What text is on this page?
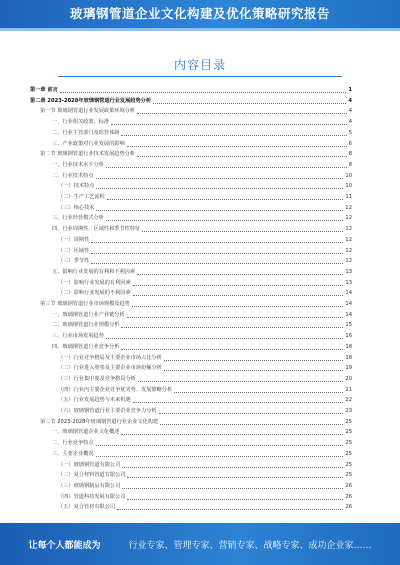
玻璃钢管道企业文化构建及优化策略研究报告
内容目录
第一章 前言	1
第二章 2023-2028年玻璃钢管道行业发展趋势分析	4
第一节 玻璃钢管道行业发展政策环境分析	4
一、行业相关政策、标准	4
二、行业主管部门及监管体制	5
三、产业政策对行业发展的影响	6
第二节 玻璃钢管道行业技术发展趋势分析	8
一、行业技术水平分析	8
二、行业技术特点	10
（一）技术特点	10
（二）生产工艺流程	11
（三）核心技术	12
三、行业经营模式分析	12
四、行业周期性、区域性和季节性特征	12
（一）周期性	12
（二）区域性	12
（三）季节性	12
五、影响行业发展的有利和不利因素	13
（一）影响行业发展的有利因素	13
（二）影响行业发展的不利因素	14
第三节 玻璃钢管道行业市场规模及趋势	14
一、玻璃钢管道行业产业链分析	14
二、玻璃钢管道行业规模分析	15
三、行业市场发展趋势	16
四、玻璃钢管道行业竞争分析	18
（一）行业竞争格局及主要企业市场占比分析	18
（二）行业进入壁垒及主要企业市场份额分析	19
（三）行业集中度及竞争格局分析	20
（四）行业内主要企业竞争优劣势、发展策略分析	21
（五）行业发展趋势与未来机遇	22
（六）玻璃钢管道行业主要企业竞争力分析	23
第三节 2023-2028年玻璃钢管道行业企业文化构建	25
一、玻璃钢管道企业文化概述	25
二、行业竞争特点	25
三、主要企业概况	25
（一）玻璃钢管道有限公司	25
（二）复合材料管道有限公司	25
（三）玻璃钢制品有限公司	26
（四）管道科技发展有限公司	26
（五）复合管材有限公司	26
让每个人都能成为	行业专家、管理专家、营销专家、战略专家、成功企业家……
